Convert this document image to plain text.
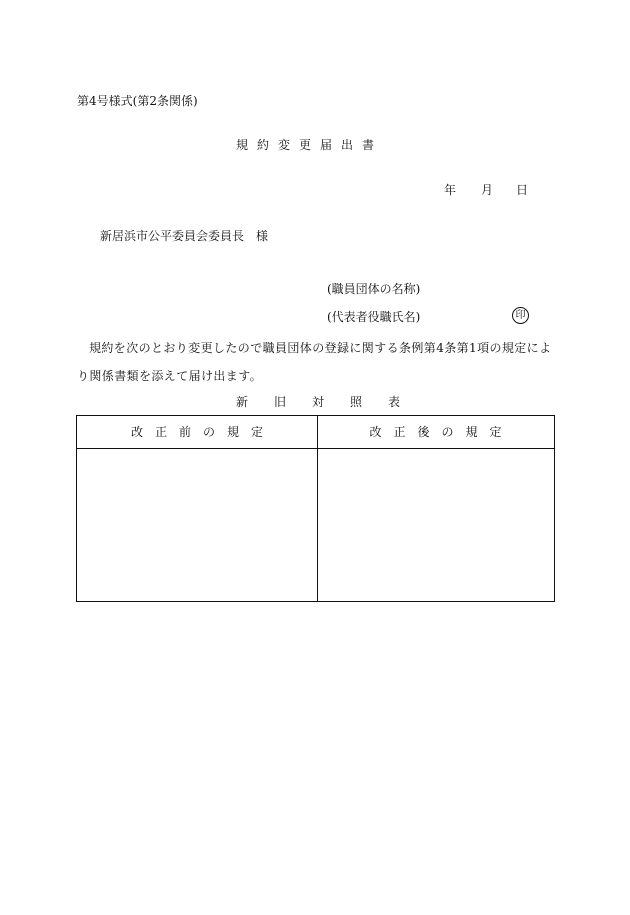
第4号様式(第2条関係)
規約変更届出書
年 月 日
新居浜市公平委員会委員長　様
(職員団体の名称)
(代表者役職氏名)	印
規約を次のとおり変更したので職員団体の登録に関する条例第4条第1項の規定により関係書類を添えて届け出ます。
新旧対照表
改正前の規定	改正後の規定
